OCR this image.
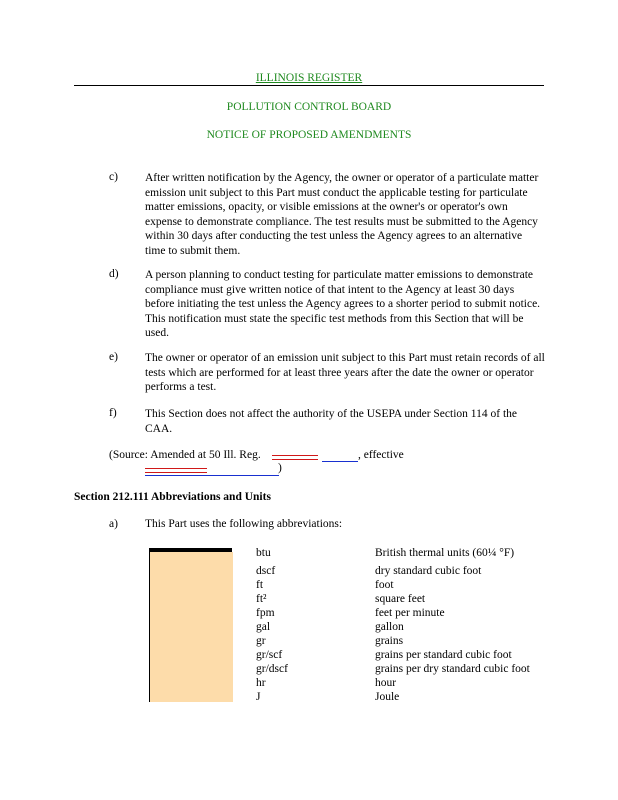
ILLINOIS REGISTER
POLLUTION CONTROL BOARD
NOTICE OF PROPOSED AMENDMENTS
c) After written notification by the Agency, the owner or operator of a particulate matter emission unit subject to this Part must conduct the applicable testing for particulate matter emissions, opacity, or visible emissions at the owner's or operator's own expense to demonstrate compliance. The test results must be submitted to the Agency within 30 days after conducting the test unless the Agency agrees to an alternative time to submit them.
d) A person planning to conduct testing for particulate matter emissions to demonstrate compliance must give written notice of that intent to the Agency at least 30 days before initiating the test unless the Agency agrees to a shorter period to submit notice. This notification must state the specific test methods from this Section that will be used.
e) The owner or operator of an emission unit subject to this Part must retain records of all tests which are performed for at least three years after the date the owner or operator performs a test.
f) This Section does not affect the authority of the USEPA under Section 114 of the CAA.
(Source: Amended at 50 Ill. Reg.	, effective
)
Section 212.111 Abbreviations and Units
a) This Part uses the following abbreviations:
btu
dscf
ft
ft²
fpm
gal
gr
gr/scf
gr/dscf
hr
J
British thermal units (60¼ °F)
dry standard cubic foot
foot
square feet
feet per minute
gallon
grains
grains per standard cubic foot
grains per dry standard cubic foot
hour
Joule
